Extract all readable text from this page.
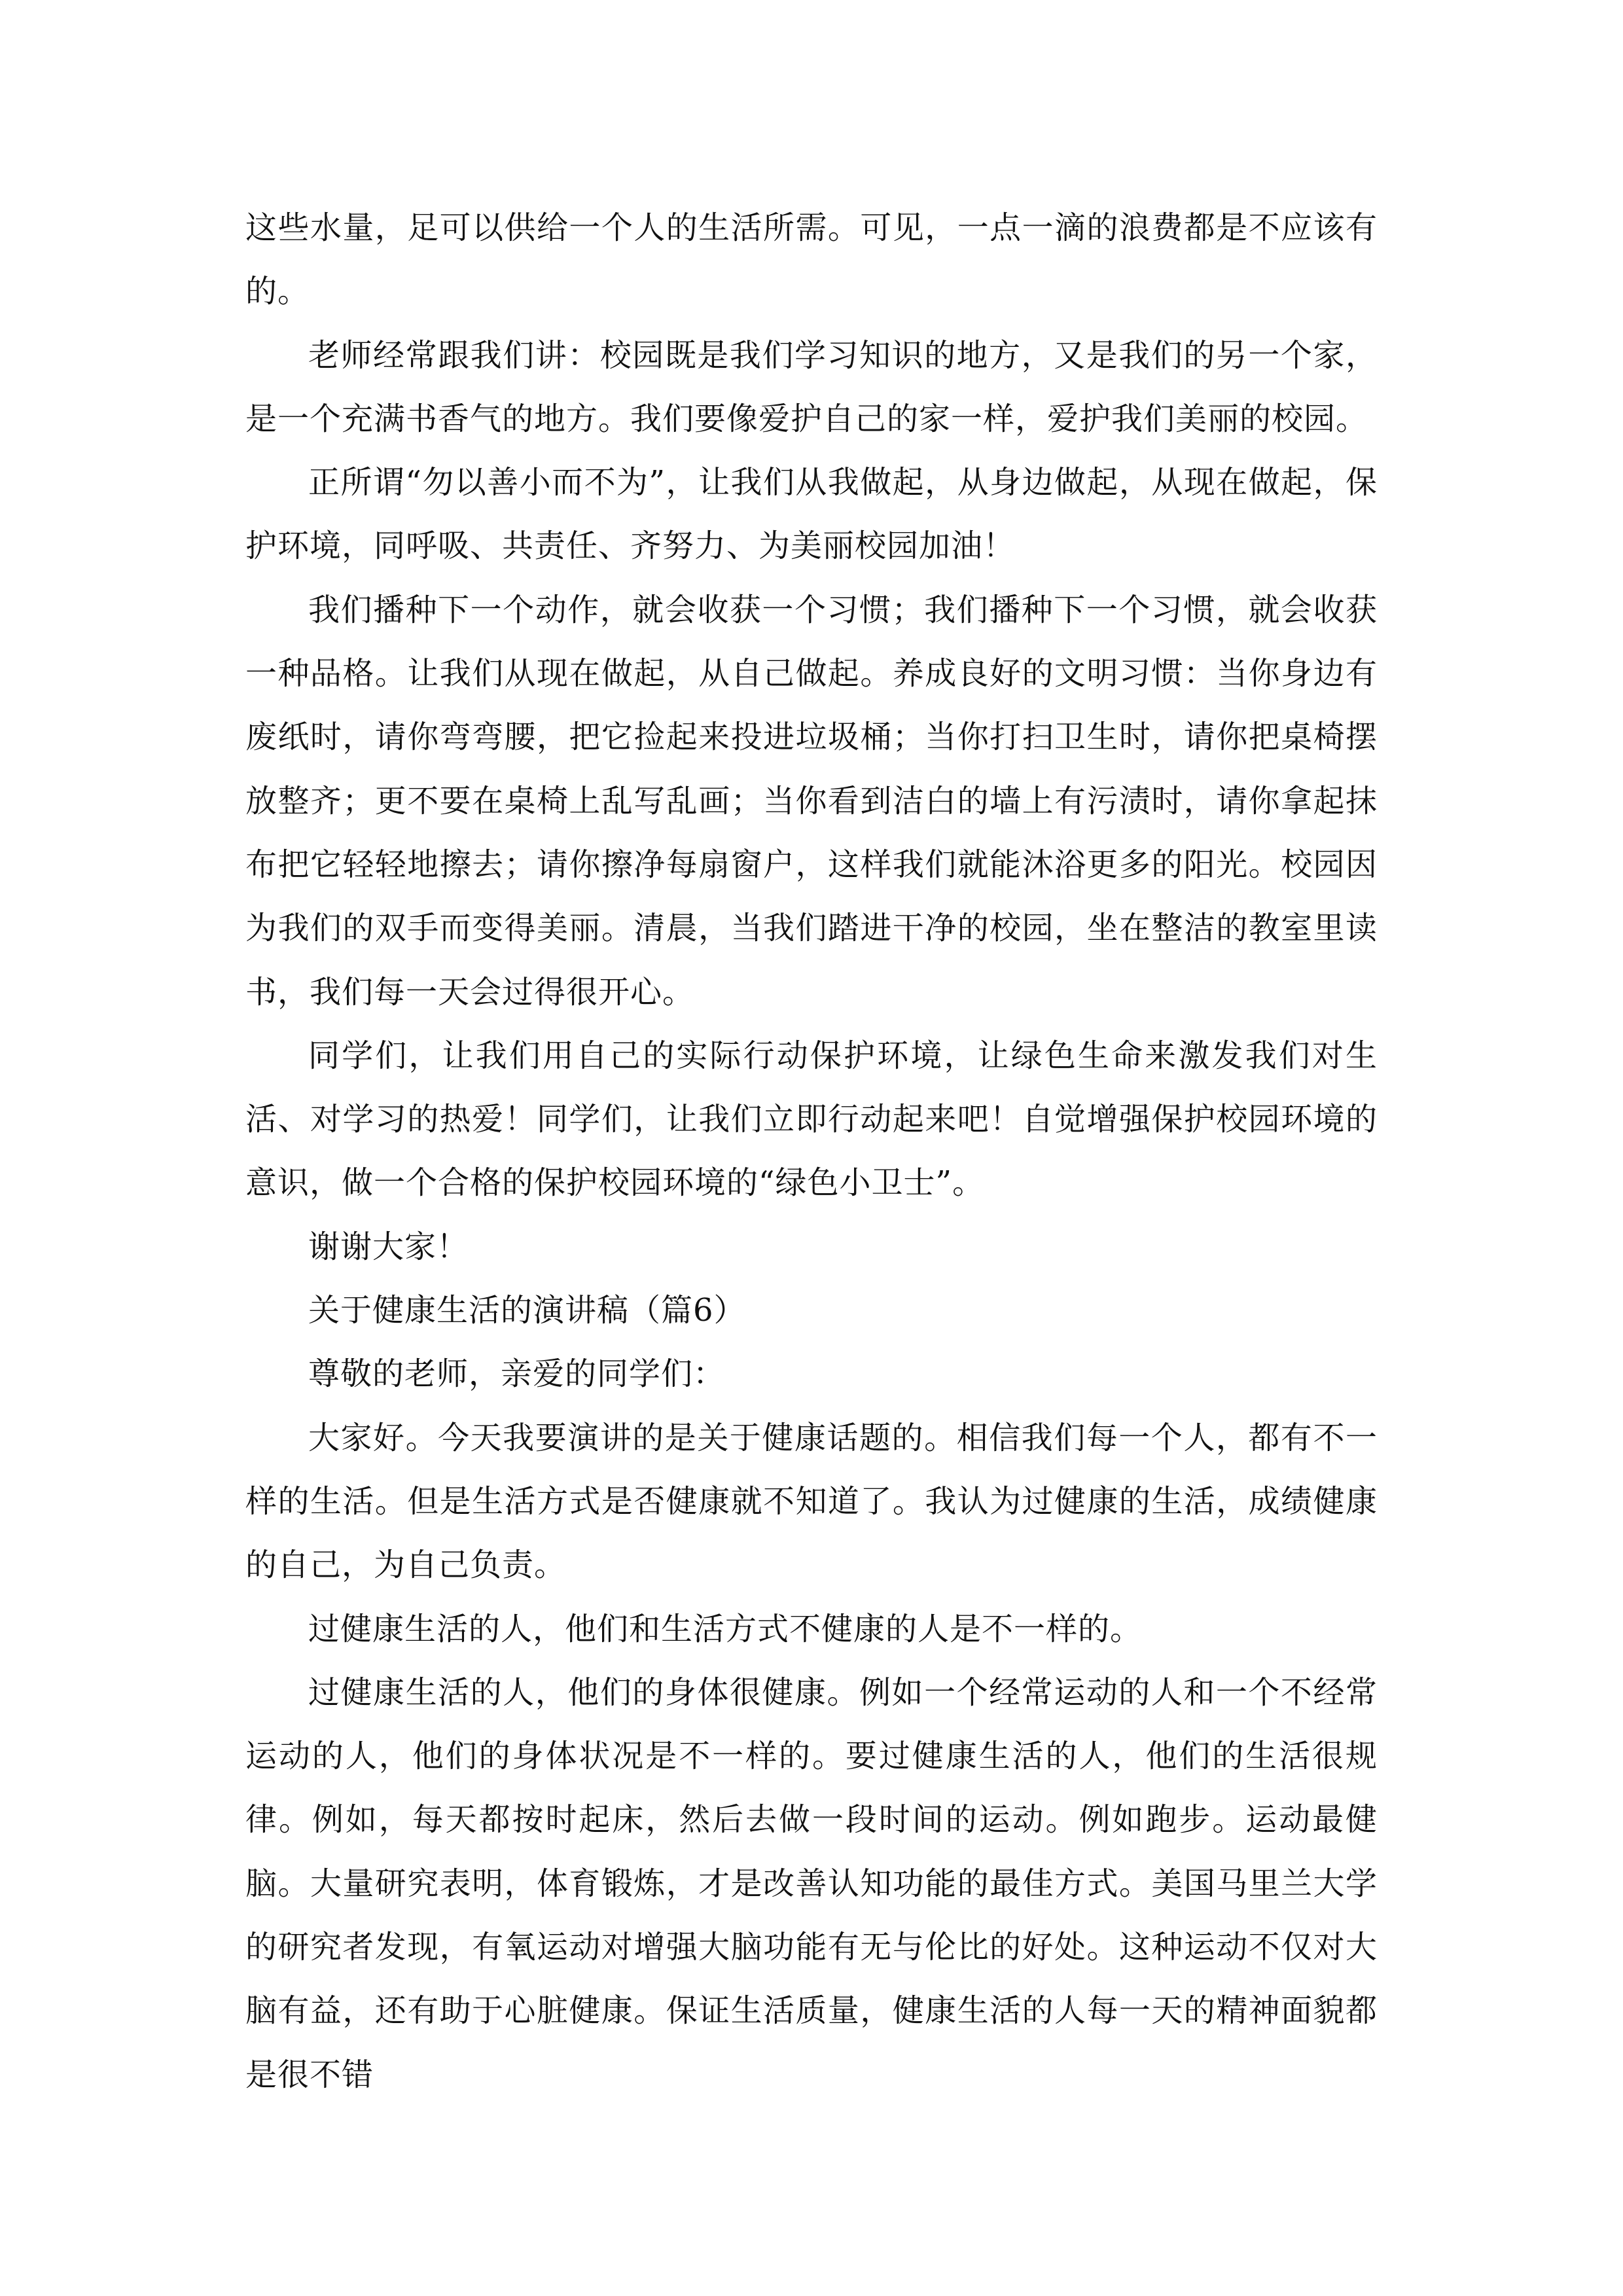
这些水量，足可以供给一个人的生活所需。可见，一点一滴的浪费都是不应该有的。

老师经常跟我们讲：校园既是我们学习知识的地方，又是我们的另一个家，是一个充满书香气的地方。我们要像爱护自己的家一样，爱护我们美丽的校园。

正所谓“勿以善小而不为”，让我们从我做起，从身边做起，从现在做起，保护环境，同呼吸、共责任、齐努力、为美丽校园加油！

我们播种下一个动作，就会收获一个习惯；我们播种下一个习惯，就会收获一种品格。让我们从现在做起，从自己做起。养成良好的文明习惯：当你身边有废纸时，请你弯弯腰，把它捡起来投进垃圾桶；当你打扫卫生时，请你把桌椅摆放整齐；更不要在桌椅上乱写乱画；当你看到洁白的墙上有污渍时，请你拿起抹布把它轻轻地擦去；请你擦净每扇窗户，这样我们就能沐浴更多的阳光。校园因为我们的双手而变得美丽。清晨，当我们踏进干净的校园，坐在整洁的教室里读书，我们每一天会过得很开心。

同学们，让我们用自己的实际行动保护环境，让绿色生命来激发我们对生活、对学习的热爱！同学们，让我们立即行动起来吧！自觉增强保护校园环境的意识，做一个合格的保护校园环境的“绿色小卫士”。

谢谢大家！

关于健康生活的演讲稿（篇6）

尊敬的老师，亲爱的同学们：

大家好。今天我要演讲的是关于健康话题的。相信我们每一个人，都有不一样的生活。但是生活方式是否健康就不知道了。我认为过健康的生活，成绩健康的自己，为自己负责。

过健康生活的人，他们和生活方式不健康的人是不一样的。

过健康生活的人，他们的身体很健康。例如一个经常运动的人和一个不经常运动的人，他们的身体状况是不一样的。要过健康生活的人，他们的生活很规律。例如，每天都按时起床，然后去做一段时间的运动。例如跑步。运动最健脑。大量研究表明，体育锻炼，才是改善认知功能的最佳方式。美国马里兰大学的研究者发现，有氧运动对增强大脑功能有无与伦比的好处。这种运动不仅对大脑有益，还有助于心脏健康。保证生活质量，健康生活的人每一天的精神面貌都是很不错
